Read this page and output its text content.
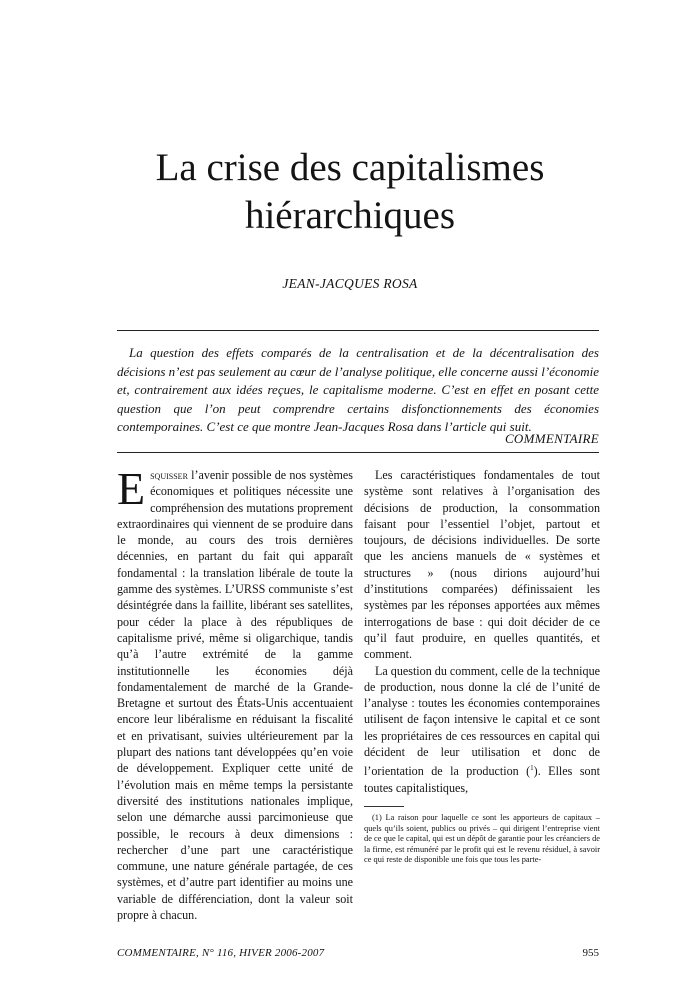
La crise des capitalismes
hiérarchiques
JEAN-JACQUES ROSA
La question des effets comparés de la centralisation et de la décentralisation des décisions n’est pas seulement au cœur de l’analyse politique, elle concerne aussi l’économie et, contrairement aux idées reçues, le capitalisme moderne. C’est en effet en posant cette question que l’on peut comprendre certains disfonctionnements des économies contemporaines. C’est ce que montre Jean-Jacques Rosa dans l’article qui suit.
COMMENTAIRE

Esquisser l’avenir possible de nos systèmes économiques et politiques nécessite une compréhension des mutations proprement extraordinaires qui viennent de se produire dans le monde, au cours des trois dernières décennies, en partant du fait qui apparaît fondamental : la translation libérale de toute la gamme des systèmes. L’URSS communiste s’est désintégrée dans la faillite, libérant ses satellites, pour céder la place à des républiques de capitalisme privé, même si oligarchique, tandis qu’à l’autre extrémité de la gamme institutionnelle les économies déjà fondamentalement de marché de la Grande-Bretagne et surtout des États-Unis accentuaient encore leur libéralisme en réduisant la fiscalité et en privatisant, suivies ultérieurement par la plupart des nations tant développées qu’en voie de développement. Expliquer cette unité de l’évolution mais en même temps la persistante diversité des institutions nationales implique, selon une démarche aussi parcimonieuse que possible, le recours à deux dimensions : rechercher d’une part une caractéristique commune, une nature générale partagée, de ces systèmes, et d’autre part identifier au moins une variable de différenciation, dont la valeur soit propre à chacun.

Les caractéristiques fondamentales de tout système sont relatives à l’organisation des décisions de production, la consommation faisant pour l’essentiel l’objet, partout et toujours, de décisions individuelles. De sorte que les anciens manuels de « systèmes et structures » (nous dirions aujourd’hui d’institutions comparées) définissaient les systèmes par les réponses apportées aux mêmes interrogations de base : qui doit décider de ce qu’il faut produire, en quelles quantités, et comment.

La question du comment, celle de la technique de production, nous donne la clé de l’unité de l’analyse : toutes les économies contemporaines utilisent de façon intensive le capital et ce sont les propriétaires de ces ressources en capital qui décident de leur utilisation et donc de l’orientation de la production ($^1$). Elles sont toutes capitalistiques,

(1) La raison pour laquelle ce sont les apporteurs de capitaux – quels qu’ils soient, publics ou privés – qui dirigent l’entreprise vient de ce que le capital, qui est un dépôt de garantie pour les créanciers de la firme, est rémunéré par le profit qui est le revenu résiduel, à savoir ce qui reste de disponible une fois que tous les parte-
COMMENTAIRE, N° 116, HIVER 2006-2007	955
